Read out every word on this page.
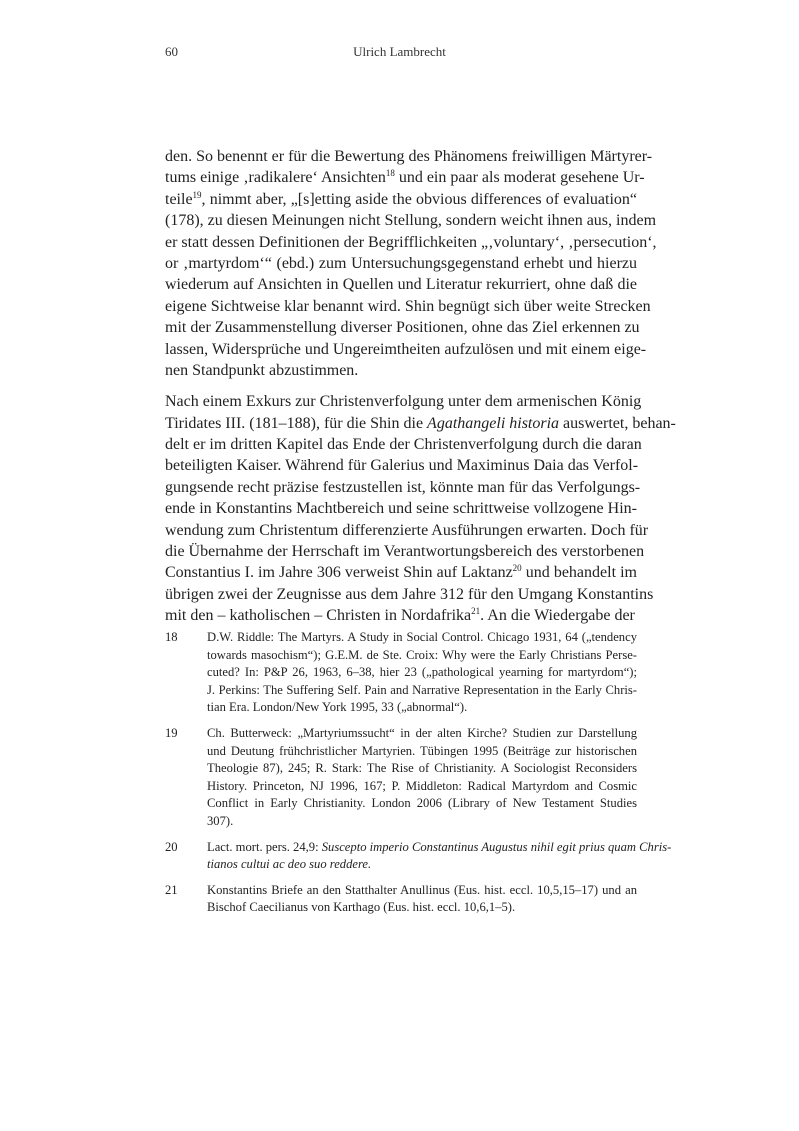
60	Ulrich Lambrecht
den. So benennt er für die Bewertung des Phänomens freiwilligen Märtyrer-
tums einige ‚radikalere‘ Ansichten$^{18}$ und ein paar als moderat gesehene Ur-
teile$^{19}$, nimmt aber, „[s]etting aside the obvious differences of evaluation“
(178), zu diesen Meinungen nicht Stellung, sondern weicht ihnen aus, indem
er statt dessen Definitionen der Begrifflichkeiten „‚voluntary‘, ‚persecution‘,
or ‚martyrdom‘“ (ebd.) zum Untersuchungsgegenstand erhebt und hierzu
wiederum auf Ansichten in Quellen und Literatur rekurriert, ohne daß die
eigene Sichtweise klar benannt wird. Shin begnügt sich über weite Strecken
mit der Zusammenstellung diverser Positionen, ohne das Ziel erkennen zu
lassen, Widersprüche und Ungereimtheiten aufzulösen und mit einem eige-
nen Standpunkt abzustimmen.
Nach einem Exkurs zur Christenverfolgung unter dem armenischen König
Tiridates III. (181–188), für die Shin die Agathangeli historia auswertet, behan-
delt er im dritten Kapitel das Ende der Christenverfolgung durch die daran
beteiligten Kaiser. Während für Galerius und Maximinus Daia das Verfol-
gungsende recht präzise festzustellen ist, könnte man für das Verfolgungs-
ende in Konstantins Machtbereich und seine schrittweise vollzogene Hin-
wendung zum Christentum differenzierte Ausführungen erwarten. Doch für
die Übernahme der Herrschaft im Verantwortungsbereich des verstorbenen
Constantius I. im Jahre 306 verweist Shin auf Laktanz$^{20}$ und behandelt im
übrigen zwei der Zeugnisse aus dem Jahre 312 für den Umgang Konstantins
mit den – katholischen – Christen in Nordafrika$^{21}$. An die Wiedergabe der
18 D.W. Riddle: The Martyrs. A Study in Social Control. Chicago 1931, 64 („tendency
towards masochism“); G.E.M. de Ste. Croix: Why were the Early Christians Perse-
cuted? In: P&P 26, 1963, 6–38, hier 23 („pathological yearning for martyrdom“);
J. Perkins: The Suffering Self. Pain and Narrative Representation in the Early Chris-
tian Era. London/New York 1995, 33 („abnormal“).
19 Ch. Butterweck: „Martyriumssucht“ in der alten Kirche? Studien zur Darstellung
und Deutung frühchristlicher Martyrien. Tübingen 1995 (Beiträge zur historischen
Theologie 87), 245; R. Stark: The Rise of Christianity. A Sociologist Reconsiders
History. Princeton, NJ 1996, 167; P. Middleton: Radical Martyrdom and Cosmic
Conflict in Early Christianity. London 2006 (Library of New Testament Studies
307).
20 Lact. mort. pers. 24,9: Suscepto imperio Constantinus Augustus nihil egit prius quam Chris-
tianos cultui ac deo suo reddere.
21 Konstantins Briefe an den Statthalter Anullinus (Eus. hist. eccl. 10,5,15–17) und an
Bischof Caecilianus von Karthago (Eus. hist. eccl. 10,6,1–5).
